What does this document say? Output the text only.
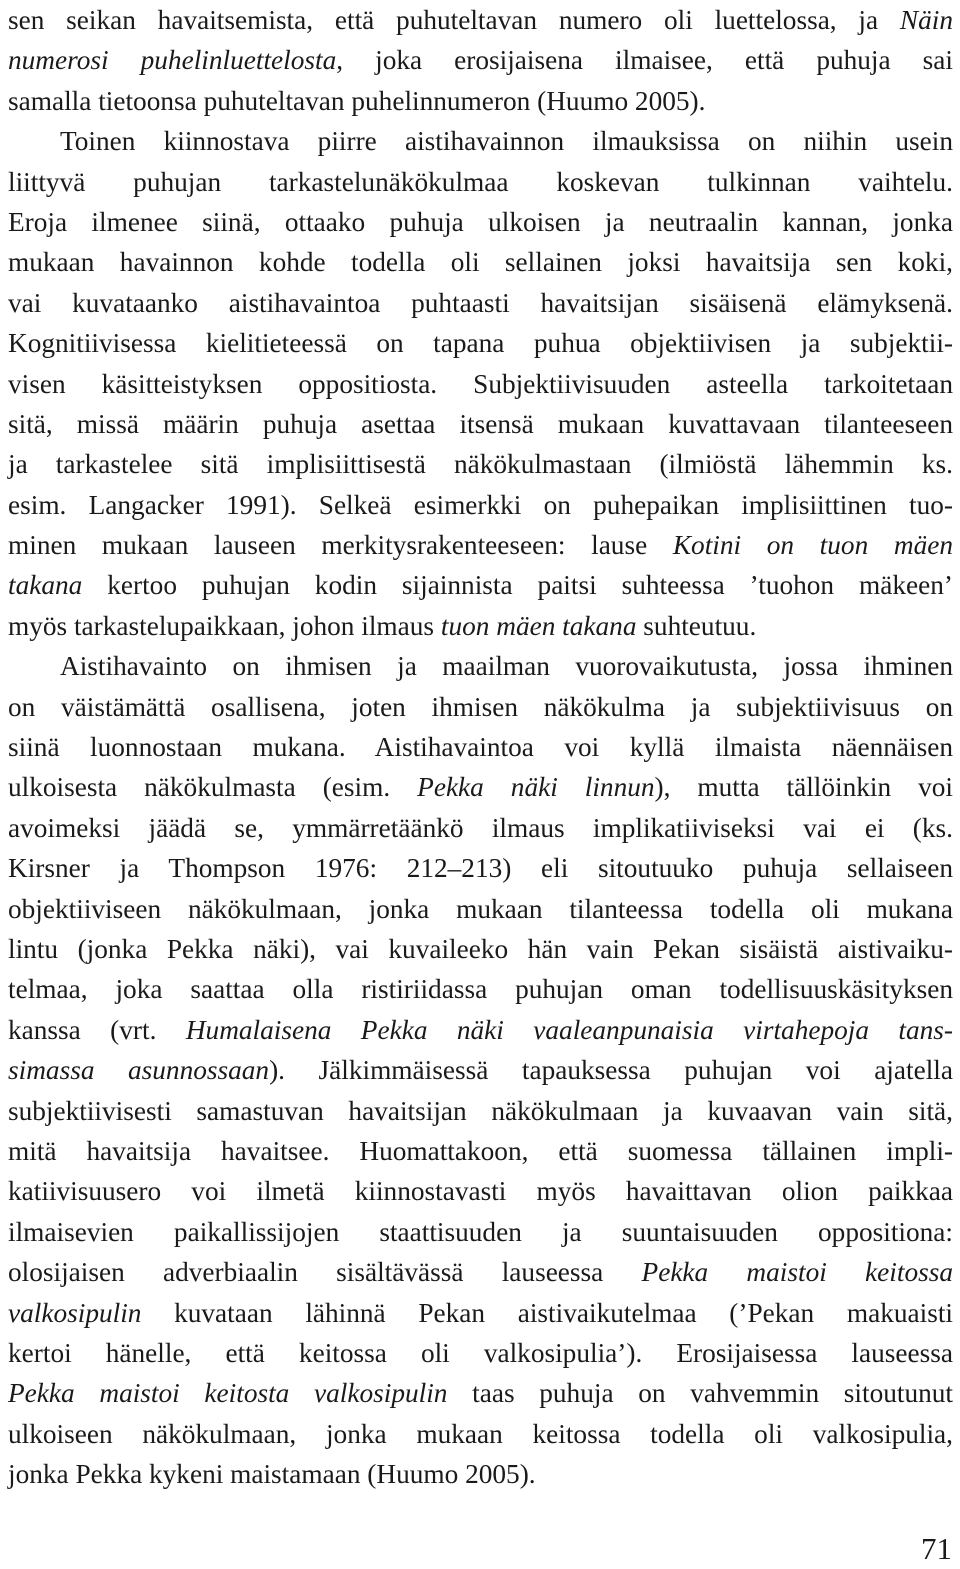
sen seikan havaitsemista, että puhuteltavan numero oli luettelossa, ja Näin
numerosi puhelinluettelosta, joka erosijaisena ilmaisee, että puhuja sai
samalla tietoonsa puhuteltavan puhelinnumeron (Huumo 2005).
Toinen kiinnostava piirre aistihavainnon ilmauksissa on niihin usein
liittyvä puhujan tarkastelunäkökulmaa koskevan tulkinnan vaihtelu.
Eroja ilmenee siinä, ottaako puhuja ulkoisen ja neutraalin kannan, jonka
mukaan havainnon kohde todella oli sellainen joksi havaitsija sen koki,
vai kuvataanko aistihavaintoa puhtaasti havaitsijan sisäisenä elämyksenä.
Kognitiivisessa kielitieteessä on tapana puhua objektiivisen ja subjektii-
visen käsitteistyksen oppositiosta. Subjektiivisuuden asteella tarkoitetaan
sitä, missä määrin puhuja asettaa itsensä mukaan kuvattavaan tilanteeseen
ja tarkastelee sitä implisiittisestä näkökulmastaan (ilmiöstä lähemmin ks.
esim. Langacker 1991). Selkeä esimerkki on puhepaikan implisiittinen tuo-
minen mukaan lauseen merkitysrakenteeseen: lause Kotini on tuon mäen
takana kertoo puhujan kodin sijainnista paitsi suhteessa ’tuohon mäkeen’
myös tarkastelupaikkaan, johon ilmaus tuon mäen takana suhteutuu.
Aistihavainto on ihmisen ja maailman vuorovaikutusta, jossa ihminen
on väistämättä osallisena, joten ihmisen näkökulma ja subjektiivisuus on
siinä luonnostaan mukana. Aistihavaintoa voi kyllä ilmaista näennäisen
ulkoisesta näkökulmasta (esim. Pekka näki linnun), mutta tällöinkin voi
avoimeksi jäädä se, ymmärretäänkö ilmaus implikatiiviseksi vai ei (ks.
Kirsner ja Thompson 1976: 212–213) eli sitoutuuko puhuja sellaiseen
objektiiviseen näkökulmaan, jonka mukaan tilanteessa todella oli mukana
lintu (jonka Pekka näki), vai kuvaileeko hän vain Pekan sisäistä aistivaiku-
telmaa, joka saattaa olla ristiriidassa puhujan oman todellisuuskäsityksen
kanssa (vrt. Humalaisena Pekka näki vaaleanpunaisia virtahepoja tans-
simassa asunnossaan). Jälkimmäisessä tapauksessa puhujan voi ajatella
subjektiivisesti samastuvan havaitsijan näkökulmaan ja kuvaavan vain sitä,
mitä havaitsija havaitsee. Huomattakoon, että suomessa tällainen impli-
katiivisuusero voi ilmetä kiinnostavasti myös havaittavan olion paikkaa
ilmaisevien paikallissijojen staattisuuden ja suuntaisuuden oppositiona:
olosijaisen adverbiaalin sisältävässä lauseessa Pekka maistoi keitossa
valkosipulin kuvataan lähinnä Pekan aistivaikutelmaa (’Pekan makuaisti
kertoi hänelle, että keitossa oli valkosipulia’). Erosijaisessa lauseessa
Pekka maistoi keitosta valkosipulin taas puhuja on vahvemmin sitoutunut
ulkoiseen näkökulmaan, jonka mukaan keitossa todella oli valkosipulia,
jonka Pekka kykeni maistamaan (Huumo 2005).
71
